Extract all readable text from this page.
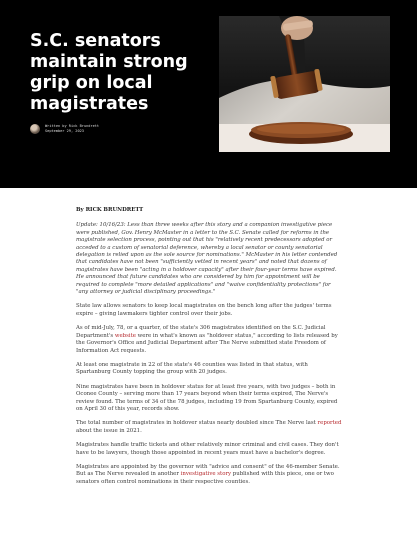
S.C. senators maintain strong grip on local magistrates
Written by Rick Brundrett
September 29, 2023

By RICK BRUNDRETT

Update: 10/16/23: Less than three weeks after this story and a companion investigative piece were published, Gov. Henry McMaster in a letter to the S.C. Senate called for reforms in the magistrate selection process, pointing out that his "relatively recent predecessors adopted or acceded to a custom of senatorial deference, whereby a local senator or county senatorial delegation is relied upon as the sole source for nominations." McMaster in his letter contended that candidates have not been "sufficiently vetted in recent years" and noted that dozens of magistrates have been "acting in a holdover capacity" after their four-year terms have expired. He announced that future candidates who are considered by him for appointment will be required to complete "more detailed applications" and "waive confidentiality protections" for "any attorney or judicial disciplinary proceedings."

State law allows senators to keep local magistrates on the bench long after the judges' terms expire – giving lawmakers tighter control over their jobs.

As of mid-July, 78, or a quarter, of the state's 306 magistrates identified on the S.C. Judicial Department's website were in what's known as "holdover status," according to lists released by the Governor's Office and Judicial Department after The Nerve submitted state Freedom of Information Act requests.

At least one magistrate in 22 of the state's 46 counties was listed in that status, with Spartanburg County topping the group with 20 judges.

Nine magistrates have been in holdover status for at least five years, with two judges – both in Oconee County – serving more than 17 years beyond when their terms expired, The Nerve's review found. The terms of 34 of the 78 judges, including 19 from Spartanburg County, expired on April 30 of this year, records show.

The total number of magistrates in holdover status nearly doubled since The Nerve last reported about the issue in 2021.

Magistrates handle traffic tickets and other relatively minor criminal and civil cases. They don't have to be lawyers, though those appointed in recent years must have a bachelor's degree.

Magistrates are appointed by the governor with "advice and consent" of the 46-member Senate. But as The Nerve revealed in another investigative story published with this piece, one or two senators often control nominations in their respective counties.
